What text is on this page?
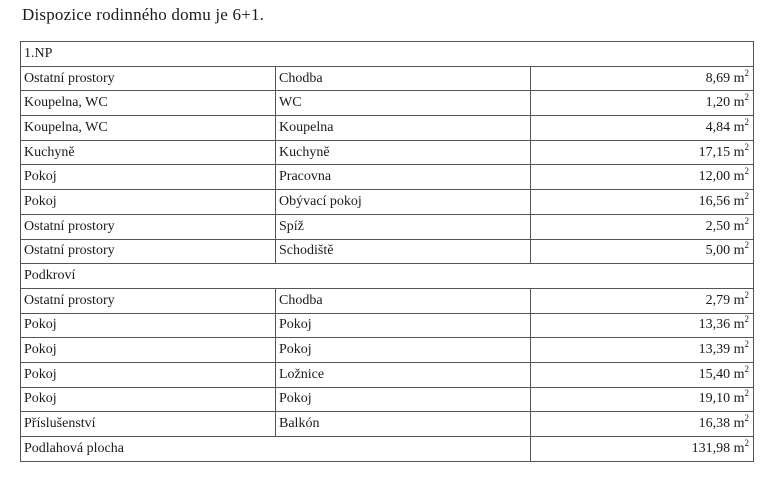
Dispozice rodinného domu je 6+1.
1.NP		
Ostatní prostory	Chodba	8,69 $m^2$
Koupelna, WC	WC	1,20 $m^2$
Koupelna, WC	Koupelna	4,84 $m^2$
Kuchyně	Kuchyně	17,15 $m^2$
Pokoj	Pracovna	12,00 $m^2$
Pokoj	Obývací pokoj	16,56 $m^2$
Ostatní prostory	Spíž	2,50 $m^2$
Ostatní prostory	Schodiště	5,00 $m^2$
Podkroví		
Ostatní prostory	Chodba	2,79 $m^2$
Pokoj	Pokoj	13,36 $m^2$
Pokoj	Pokoj	13,39 $m^2$
Pokoj	Ložnice	15,40 $m^2$
Pokoj	Pokoj	19,10 $m^2$
Příslušenství	Balkón	16,38 $m^2$
Podlahová plocha		131,98 $m^2$
